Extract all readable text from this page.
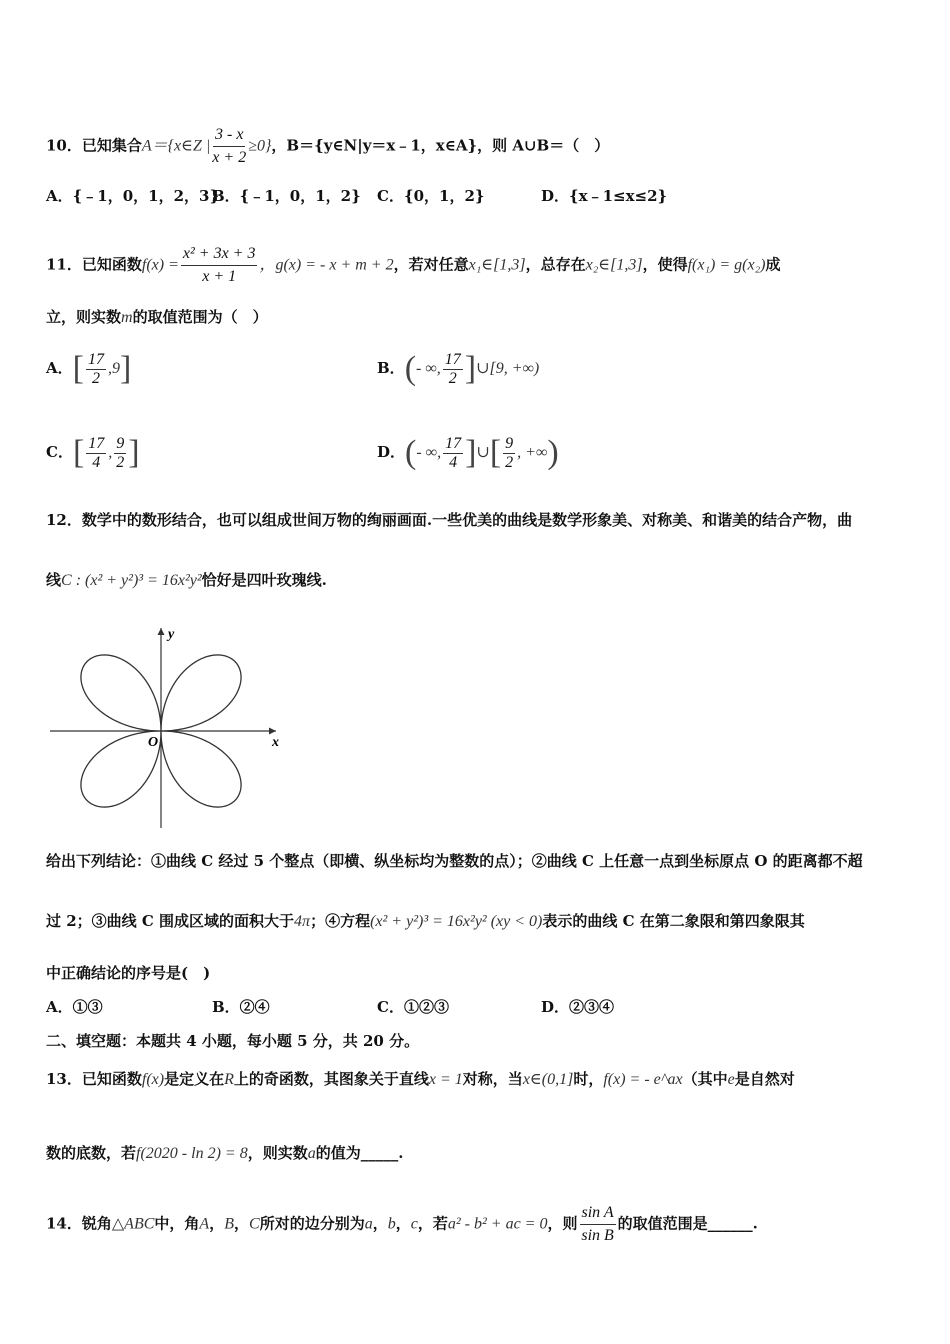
10．已知集合A＝{x∈Z | $\frac{3 - x}{x + 2} \ge 0$}，B＝{y∈N|y＝x﹣1，x∈A}，则 A∪B＝（　）
A．{﹣1，0，1，2，3}
B．{﹣1，0，1，2} C．{0，1，2}	D．{x﹣1≤x≤2}
11．已知函数$f(x) = \frac{\text{x² + 3x + 3}}{x + 1}$ ，g(x) = - x + m + 2，若对任意x₁∈[1,3]，总存在x₂∈[1,3]，使得f(x₁) = g(x₂)成
立，则实数m的取值范围为（　）
A．[ $\frac{17}{2} ,9$]	B．(- ∞, $\frac{17}{2}$ ]∪[9, +∞)
C．[ $\frac{17}{4}$ , $\frac{9}{2}$ ]	D．(- ∞, $\frac{17}{4}$ ]∪[ $\frac{9}{2}$ , +∞)
12．数学中的数形结合，也可以组成世间万物的绚丽画面.一些优美的曲线是数学形象美、对称美、和谐美的结合产物，曲
线C : (x² + y²)³ = 16x²y²恰好是四叶玫瑰线.
y
x
O
给出下列结论：①曲线 C 经过 5 个整点（即横、纵坐标均为整数的点）；②曲线 C 上任意一点到坐标原点 O 的距离都不超
过 2；③曲线 C 围成区域的面积大于4π；④方程(x² + y²)³ = 16x²y² (xy < 0)表示的曲线 C 在第二象限和第四象限其
中正确结论的序号是(　)
A．①③	B．②④	C．①②③	D．②③④
二、填空题：本题共 4 小题，每小题 5 分，共 20 分。
13．已知函数f(x)是定义在R上的奇函数，其图象关于直线x = 1对称，当x∈(0,1]时，f(x) = - e^ax（其中e是自然对
数的底数，若f(2020 - ln 2) = 8，则实数a的值为_____.
14．锐角△ABC中，角A，B，C所对的边分别为a，b，c，若a² - b² + ac = 0，则 $\frac{\text{sin A}}{\text{sin B}}$ 的取值范围是______.
